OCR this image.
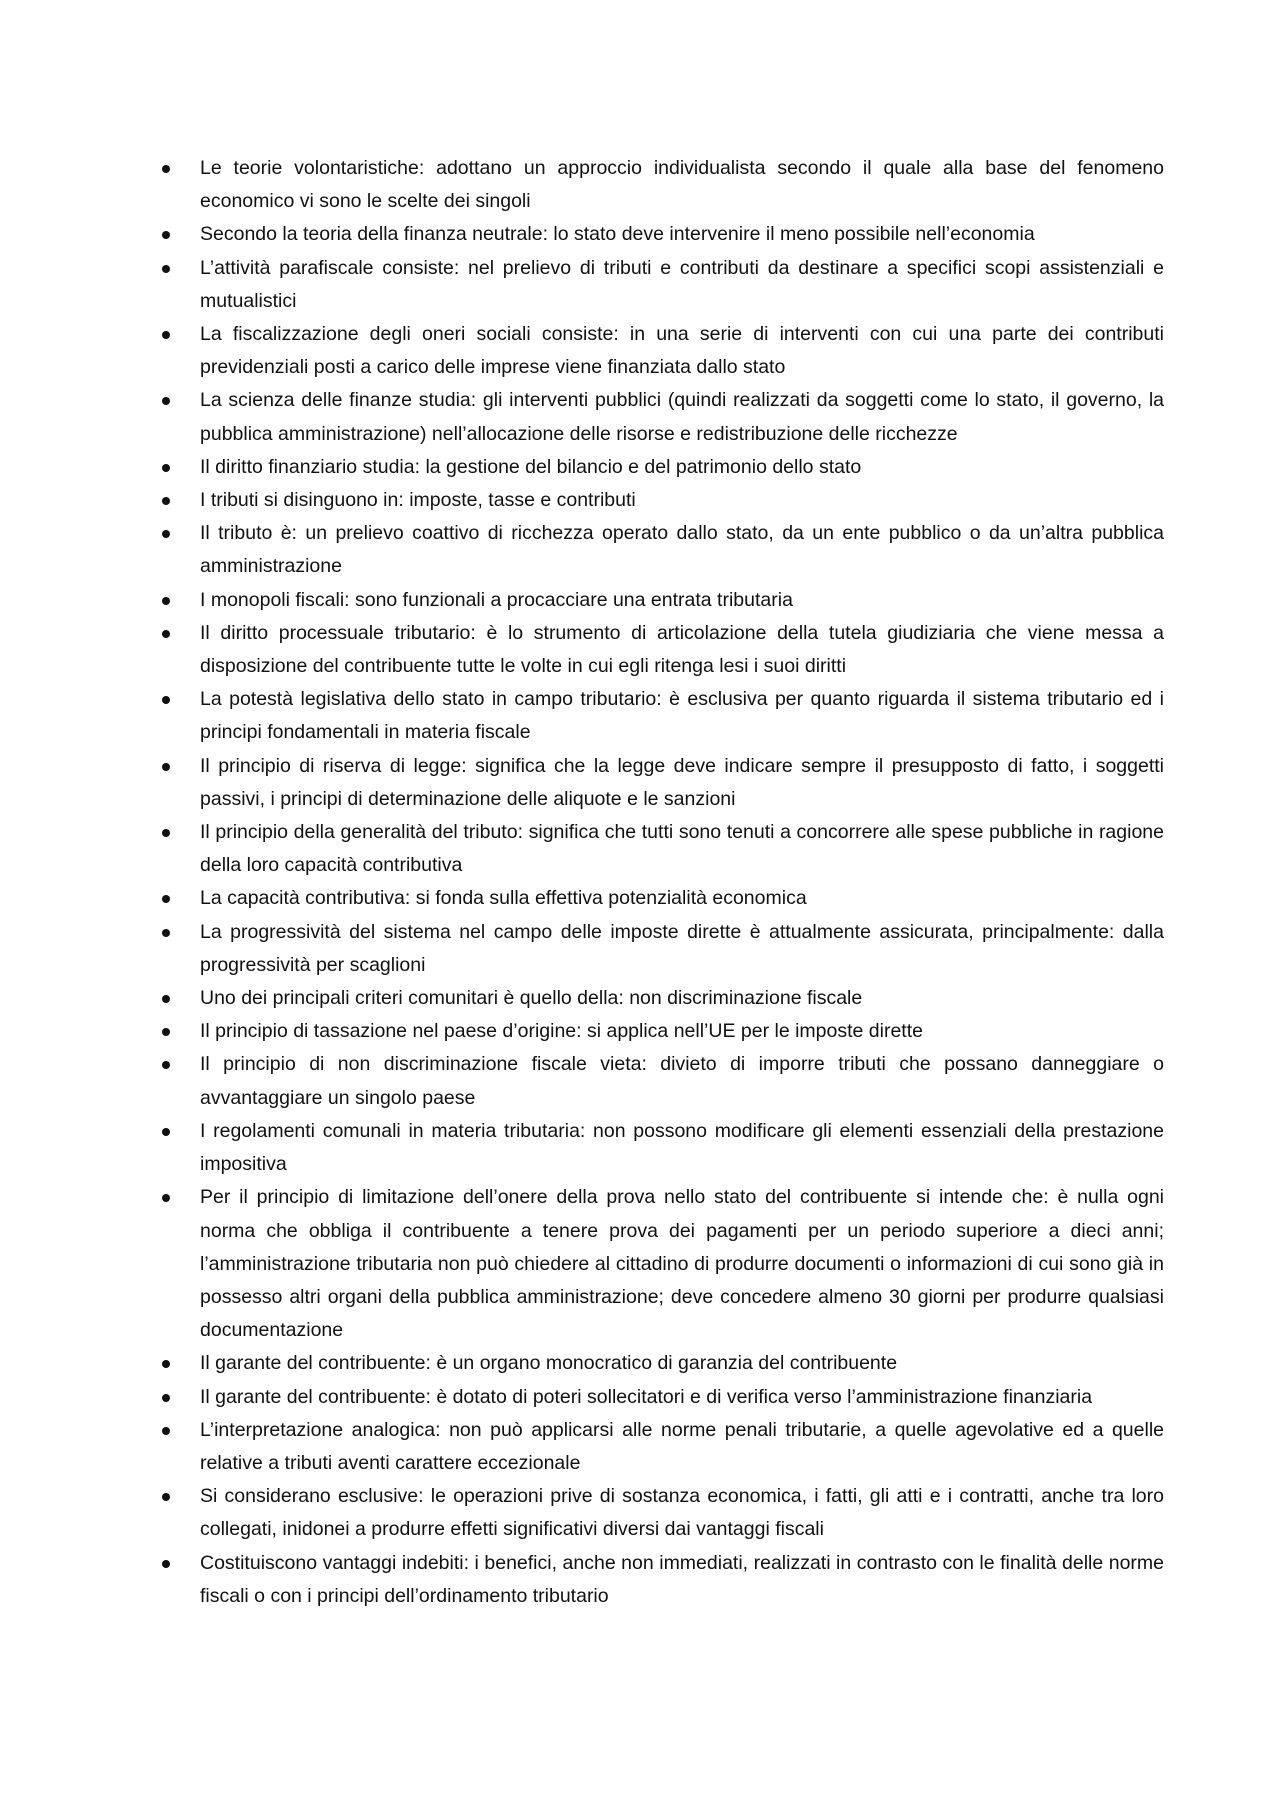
Le teorie volontaristiche: adottano un approccio individualista secondo il quale alla base del fenomeno economico vi sono le scelte dei singoli
Secondo la teoria della finanza neutrale: lo stato deve intervenire il meno possibile nell’economia
L’attività parafiscale consiste: nel prelievo di tributi e contributi da destinare a specifici scopi assistenziali e mutualistici
La fiscalizzazione degli oneri sociali consiste: in una serie di interventi con cui una parte dei contributi previdenziali posti a carico delle imprese viene finanziata dallo stato
La scienza delle finanze studia: gli interventi pubblici (quindi realizzati da soggetti come lo stato, il governo, la pubblica amministrazione) nell’allocazione delle risorse e redistribuzione delle ricchezze
Il diritto finanziario studia: la gestione del bilancio e del patrimonio dello stato
I tributi si disinguono in: imposte, tasse e contributi
Il tributo è: un prelievo coattivo di ricchezza operato dallo stato, da un ente pubblico o da un’altra pubblica amministrazione
I monopoli fiscali: sono funzionali a procacciare una entrata tributaria
Il diritto processuale tributario: è lo strumento di articolazione della tutela giudiziaria che viene messa a disposizione del contribuente tutte le volte in cui egli ritenga lesi i suoi diritti
La potestà legislativa dello stato in campo tributario: è esclusiva per quanto riguarda il sistema tributario ed i principi fondamentali in materia fiscale
Il principio di riserva di legge: significa che la legge deve indicare sempre il presupposto di fatto, i soggetti passivi, i principi di determinazione delle aliquote e le sanzioni
Il principio della generalità del tributo: significa che tutti sono tenuti a concorrere alle spese pubbliche in ragione della loro capacità contributiva
La capacità contributiva: si fonda sulla effettiva potenzialità economica
La progressività del sistema nel campo delle imposte dirette è attualmente assicurata, principalmente: dalla progressività per scaglioni
Uno dei principali criteri comunitari è quello della: non discriminazione fiscale
Il principio di tassazione nel paese d’origine: si applica nell’UE per le imposte dirette
Il principio di non discriminazione fiscale vieta: divieto di imporre tributi che possano danneggiare o avvantaggiare un singolo paese
I regolamenti comunali in materia tributaria: non possono modificare gli elementi essenziali della prestazione impositiva
Per il principio di limitazione dell’onere della prova nello stato del contribuente si intende che: è nulla ogni norma che obbliga il contribuente a tenere prova dei pagamenti per un periodo superiore a dieci anni; l’amministrazione tributaria non può chiedere al cittadino di produrre documenti o informazioni di cui sono già in possesso altri organi della pubblica amministrazione; deve concedere almeno 30 giorni per produrre qualsiasi documentazione
Il garante del contribuente: è un organo monocratico di garanzia del contribuente
Il garante del contribuente: è dotato di poteri sollecitatori e di verifica verso l’amministrazione finanziaria
L’interpretazione analogica: non può applicarsi alle norme penali tributarie, a quelle agevolative ed a quelle relative a tributi aventi carattere eccezionale
Si considerano esclusive: le operazioni prive di sostanza economica, i fatti, gli atti e i contratti, anche tra loro collegati, inidonei a produrre effetti significativi diversi dai vantaggi fiscali
Costituiscono vantaggi indebiti: i benefici, anche non immediati, realizzati in contrasto con le finalità delle norme fiscali o con i principi dell’ordinamento tributario
